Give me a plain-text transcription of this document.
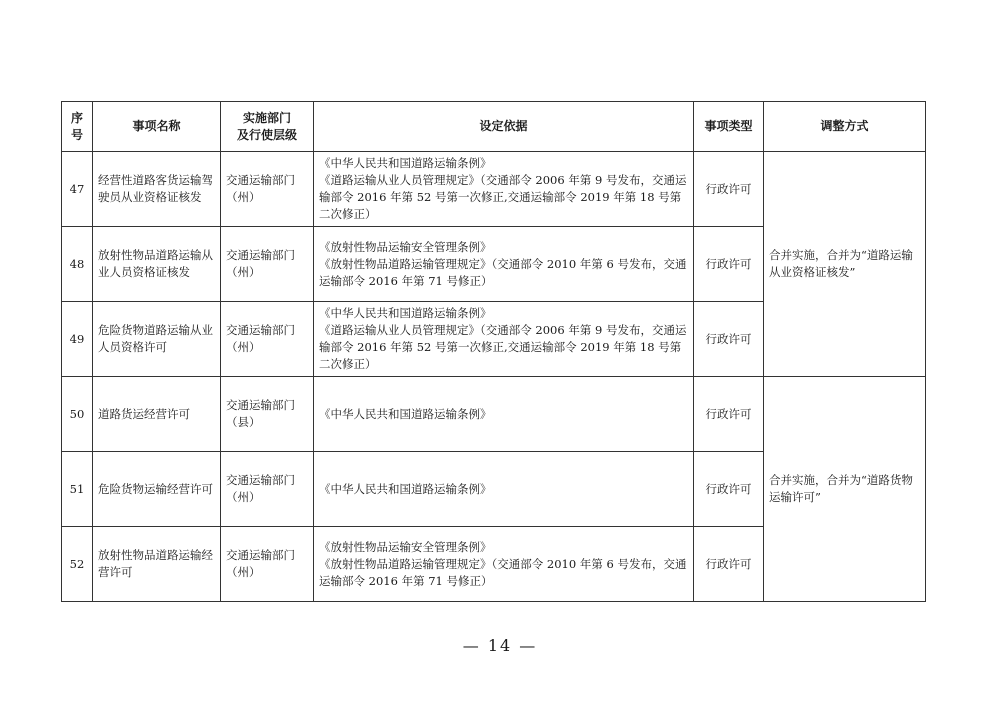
序号	事项名称	实施部门
及行使层级	设定依据	事项类型	调整方式
47	经营性道路客货运输驾驶员从业资格证核发	交通运输部门（州）	《中华人民共和国道路运输条例》
《道路运输从业人员管理规定》（交通部令 2006 年第 9 号发布，交通运输部令 2016 年第 52 号第一次修正,交通运输部令 2019 年第 18 号第二次修正）	行政许可	合并实施，合并为“道路运输从业资格证核发”
48	放射性物品道路运输从业人员资格证核发	交通运输部门（州）	《放射性物品运输安全管理条例》
《放射性物品道路运输管理规定》（交通部令 2010 年第 6 号发布，交通运输部令 2016 年第 71 号修正）	行政许可	
49	危险货物道路运输从业人员资格许可	交通运输部门（州）	《中华人民共和国道路运输条例》
《道路运输从业人员管理规定》（交通部令 2006 年第 9 号发布，交通运输部令 2016 年第 52 号第一次修正,交通运输部令 2019 年第 18 号第二次修正）	行政许可	
50	道路货运经营许可	交通运输部门（县）	《中华人民共和国道路运输条例》	行政许可	合并实施，合并为“道路货物运输许可”
51	危险货物运输经营许可	交通运输部门（州）	《中华人民共和国道路运输条例》	行政许可	
52	放射性物品道路运输经营许可	交通运输部门（州）	《放射性物品运输安全管理条例》
《放射性物品道路运输管理规定》（交通部令 2010 年第 6 号发布，交通运输部令 2016 年第 71 号修正）	行政许可	
— 14 —
